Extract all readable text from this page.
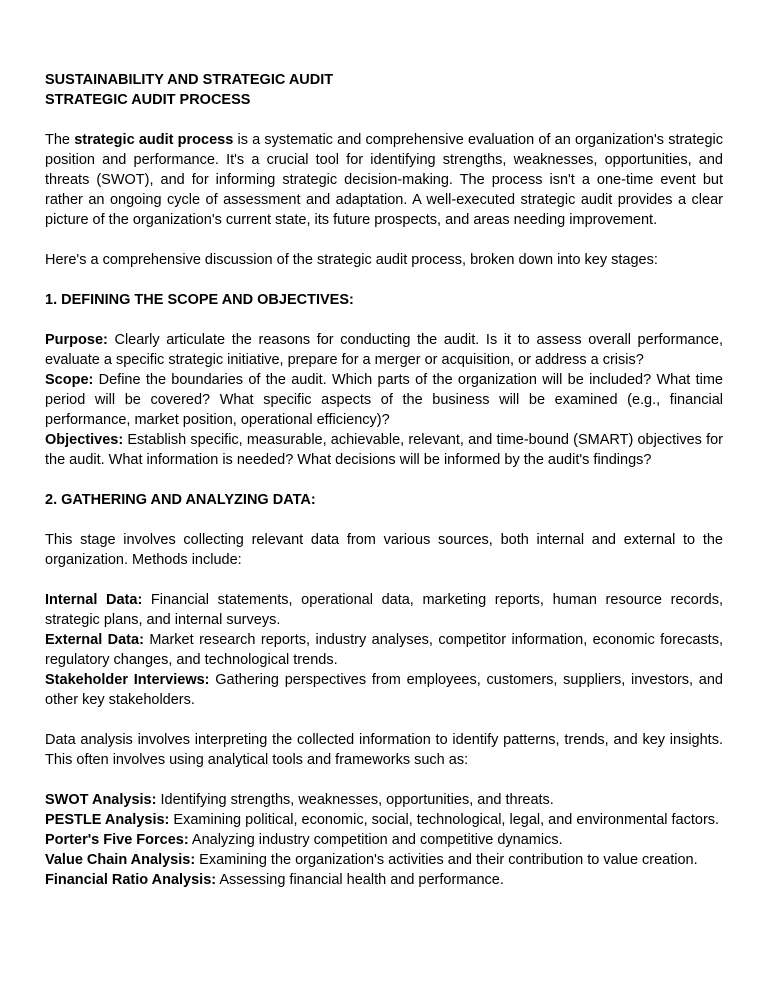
SUSTAINABILITY AND STRATEGIC AUDIT
STRATEGIC AUDIT PROCESS

The strategic audit process is a systematic and comprehensive evaluation of an organization's strategic position and performance. It's a crucial tool for identifying strengths, weaknesses, opportunities, and threats (SWOT), and for informing strategic decision-making. The process isn't a one-time event but rather an ongoing cycle of assessment and adaptation. A well-executed strategic audit provides a clear picture of the organization's current state, its future prospects, and areas needing improvement.

Here's a comprehensive discussion of the strategic audit process, broken down into key stages:

1. DEFINING THE SCOPE AND OBJECTIVES:

Purpose: Clearly articulate the reasons for conducting the audit. Is it to assess overall performance, evaluate a specific strategic initiative, prepare for a merger or acquisition, or address a crisis?

Scope: Define the boundaries of the audit. Which parts of the organization will be included? What time period will be covered? What specific aspects of the business will be examined (e.g., financial performance, market position, operational efficiency)?

Objectives: Establish specific, measurable, achievable, relevant, and time-bound (SMART) objectives for the audit. What information is needed? What decisions will be informed by the audit's findings?

2. GATHERING AND ANALYZING DATA:

This stage involves collecting relevant data from various sources, both internal and external to the organization. Methods include:

Internal Data: Financial statements, operational data, marketing reports, human resource records, strategic plans, and internal surveys.

External Data: Market research reports, industry analyses, competitor information, economic forecasts, regulatory changes, and technological trends.

Stakeholder Interviews: Gathering perspectives from employees, customers, suppliers, investors, and other key stakeholders.

Data analysis involves interpreting the collected information to identify patterns, trends, and key insights. This often involves using analytical tools and frameworks such as:

SWOT Analysis: Identifying strengths, weaknesses, opportunities, and threats.

PESTLE Analysis: Examining political, economic, social, technological, legal, and environmental factors.

Porter's Five Forces: Analyzing industry competition and competitive dynamics.

Value Chain Analysis: Examining the organization's activities and their contribution to value creation.

Financial Ratio Analysis: Assessing financial health and performance.
